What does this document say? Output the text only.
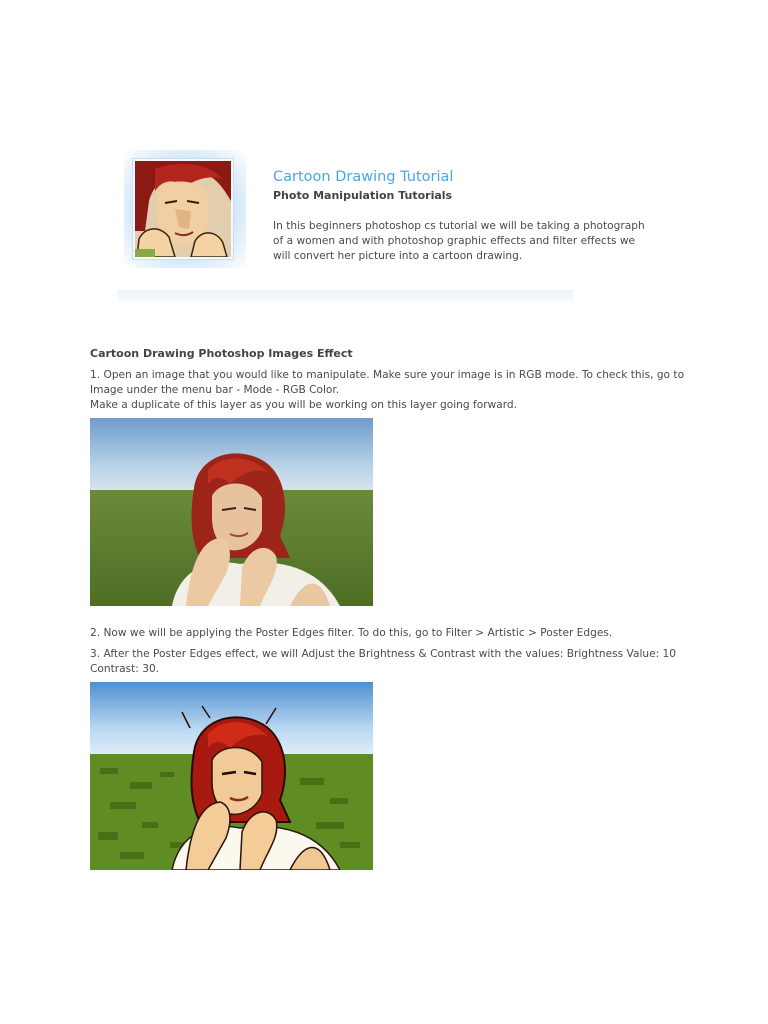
Cartoon Drawing Tutorial
Photo Manipulation Tutorials
In this beginners photoshop cs tutorial we will be taking a photograph of a women and with photoshop graphic effects and filter effects we will convert her picture into a cartoon drawing.
Cartoon Drawing Photoshop Images Effect
1. Open an image that you would like to manipulate. Make sure your image is in RGB mode. To check this, go to Image under the menu bar - Mode - RGB Color.
Make a duplicate of this layer as you will be working on this layer going forward.
2. Now we will be applying the Poster Edges filter. To do this, go to Filter > Artistic > Poster Edges.
3. After the Poster Edges effect, we will Adjust the Brightness & Contrast with the values: Brightness Value: 10 Contrast: 30.
